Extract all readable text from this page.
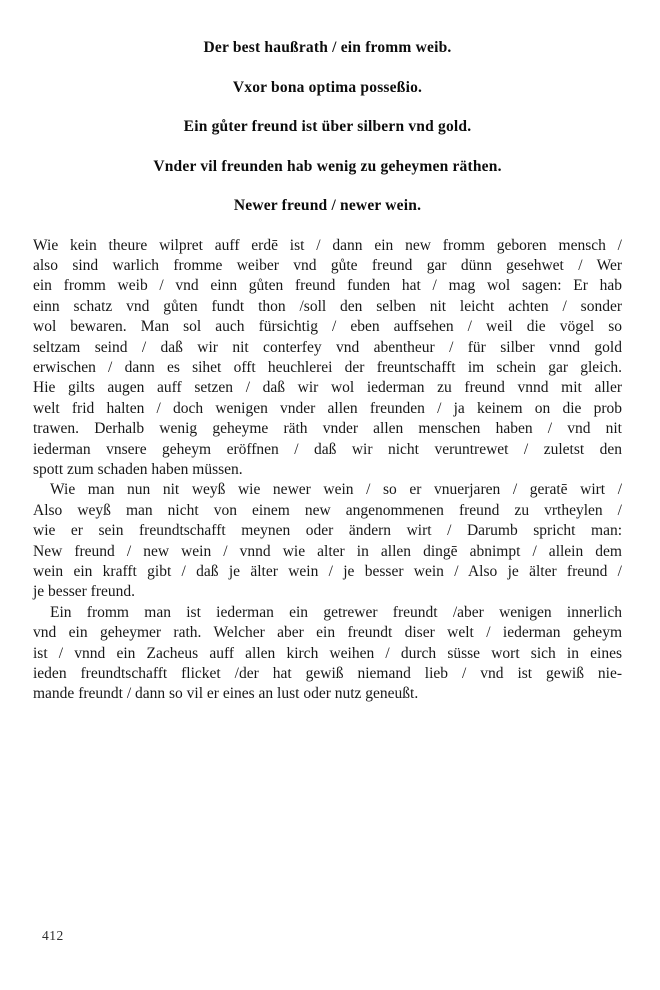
Der best haußrath / ein fromm weib.
Vxor bona optima posseßio.
Ein gůter freund ist über silbern vnd gold.
Vnder vil freunden hab wenig zu geheymen räthen.
Newer freund / newer wein.
Wie kein theure wilpret auff erdē ist / dann ein new fromm geboren mensch /
also sind warlich fromme weiber vnd gůte freund gar dünn gesehwet / Wer
ein fromm weib / vnd einn gůten freund funden hat / mag wol sagen: Er hab
einn schatz vnd gůten fundt thon /soll den selben nit leicht achten / sonder
wol bewaren. Man sol auch fürsichtig / eben auffsehen / weil die vögel so
seltzam seind / daß wir nit conterfey vnd abentheur / für silber vnnd gold
erwischen / dann es sihet offt heuchlerei der freuntschafft im schein gar gleich.
Hie gilts augen auff setzen / daß wir wol iederman zu freund vnnd mit aller
welt frid halten / doch wenigen vnder allen freunden / ja keinem on die prob
trawen. Derhalb wenig geheyme räth vnder allen menschen haben / vnd nit
iederman vnsere geheym eröffnen / daß wir nicht veruntrewet / zuletst den
spott zum schaden haben müssen.
Wie man nun nit weyß wie newer wein / so er vnuerjaren / geratē wirt /
Also weyß man nicht von einem new angenommenen freund zu vrtheylen /
wie er sein freundtschafft meynen oder ändern wirt / Darumb spricht man:
New freund / new wein / vnnd wie alter in allen dingē abnimpt / allein dem
wein ein krafft gibt / daß je älter wein / je besser wein / Also je älter freund /
je besser freund.
Ein fromm man ist iederman ein getrewer freundt /aber wenigen innerlich
vnd ein geheymer rath. Welcher aber ein freundt diser welt / iederman geheym
ist / vnnd ein Zacheus auff allen kirch weihen / durch süsse wort sich in eines
ieden freundtschafft flicket /der hat gewiß niemand lieb / vnd ist gewiß nie-
mande freundt / dann so vil er eines an lust oder nutz geneußt.
412
